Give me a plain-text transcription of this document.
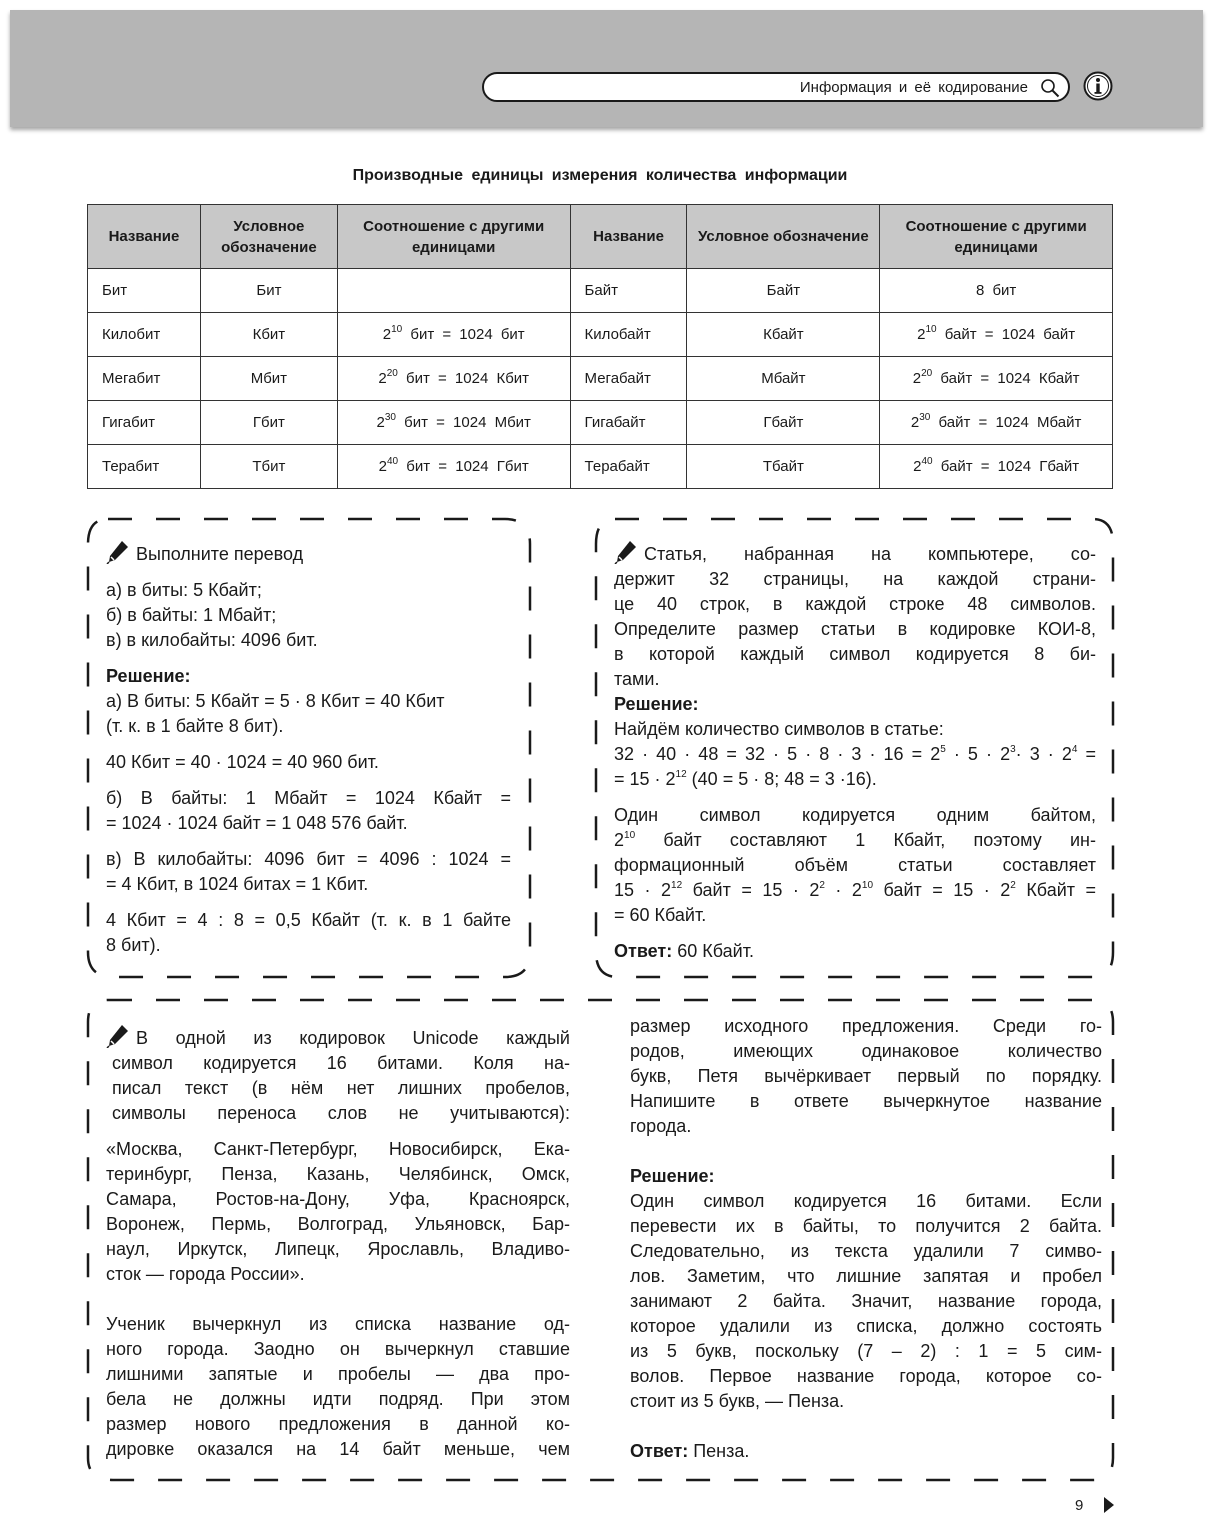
Информация и её кодирование
Производные единицы измерения количества информации
Название	Условное обозначение	Соотношение с другими единицами	Название	Условное обозначение	Соотношение с другими единицами
Бит	Бит		Байт	Байт	8 бит
Килобит	Кбит	$2^{10}$ бит = 1024 бит	Килобайт	Кбайт	$2^{10}$ байт = 1024 байт
Мегабит	Мбит	$2^{20}$ бит = 1024 Кбит	Мегабайт	Мбайт	$2^{20}$ байт = 1024 Кбайт
Гигабит	Гбит	$2^{30}$ бит = 1024 Мбит	Гигабайт	Гбайт	$2^{30}$ байт = 1024 Мбайт
Терабит	Тбит	$2^{40}$ бит = 1024 Гбит	Терабайт	Тбайт	$2^{40}$ байт = 1024 Гбайт

Выполните перевод

а) в биты: 5 Кбайт;

б) в байты: 1 Мбайт;

в) в килобайты: 4096 бит.

Решение:

а) В биты: 5 Кбайт = 5 · 8 Кбит = 40 Кбит

(т. к. в 1 байте 8 бит).

40 Кбит = 40 · 1024 = 40 960 бит.

б) В байты: 1 Мбайт = 1024 Кбайт =

= 1024 · 1024 байт = 1 048 576 байт.

в) В килобайты: 4096 бит = 4096 : 1024 =

= 4 Кбит, в 1024 битах = 1 Кбит.

4 Кбит = 4 : 8 = 0,5 Кбайт (т. к. в 1 байте

8 бит).

Статья, набранная на компьютере, со-

держит 32 страницы, на каждой страни-

це 40 строк, в каждой строке 48 символов.

Определите размер статьи в кодировке КОИ-8,

в которой каждый символ кодируется 8 би-

тами.

Решение:

Найдём количество символов в статье:

$32 \cdot 40 \cdot 48 = 32 \cdot 5 \cdot 8 \cdot 3 \cdot 16 = 2^5 \cdot 5 \cdot 2^3\cdot 3 \cdot 2^4$ =

= $15 \cdot 2^{12}$ (40 = 5 · 8; 48 = 3 ·16).

Один символ кодируется одним байтом,

$2^{10}$ байт составляют 1 Кбайт, поэтому ин-

формационный объём статьи составляет

$15 \cdot 2^{12}$ байт = $15 \cdot 2^2 \cdot 2^{10}$ байт = $15 \cdot 2^2$ Кбайт =

= 60 Кбайт.

Ответ: 60 Кбайт.

В одной из кодировок Unicode каждый

символ кодируется 16 битами. Коля на-

писал текст (в нём нет лишних пробелов,

символы переноса слов не учитываются):

«Москва, Санкт-Петербург, Новосибирск, Ека-

теринбург, Пенза, Казань, Челябинск, Омск,

Самара, Ростов-на-Дону, Уфа, Красноярск,

Воронеж, Пермь, Волгоград, Ульяновск, Бар-

наул, Иркутск, Липецк, Ярославль, Владиво-

сток — города России».

Ученик вычеркнул из списка название од-

ного города. Заодно он вычеркнул ставшие

лишними запятые и пробелы — два про-

бела не должны идти подряд. При этом

размер нового предложения в данной ко-

дировке оказался на 14 байт меньше, чем

размер исходного предложения. Среди го-

родов, имеющих одинаковое количество

букв, Петя вычёркивает первый по порядку.

Напишите в ответе вычеркнутое название

города.

Решение:

Один символ кодируется 16 битами. Если

перевести их в байты, то получится 2 байта.

Следовательно, из текста удалили 7 симво-

лов. Заметим, что лишние запятая и пробел

занимают 2 байта. Значит, название города,

которое удалили из списка, должно состоять

из 5 букв, поскольку (7 – 2) : 1 = 5 сим-

волов. Первое название города, которое со-

стоит из 5 букв, — Пенза.

Ответ: Пенза.

9
